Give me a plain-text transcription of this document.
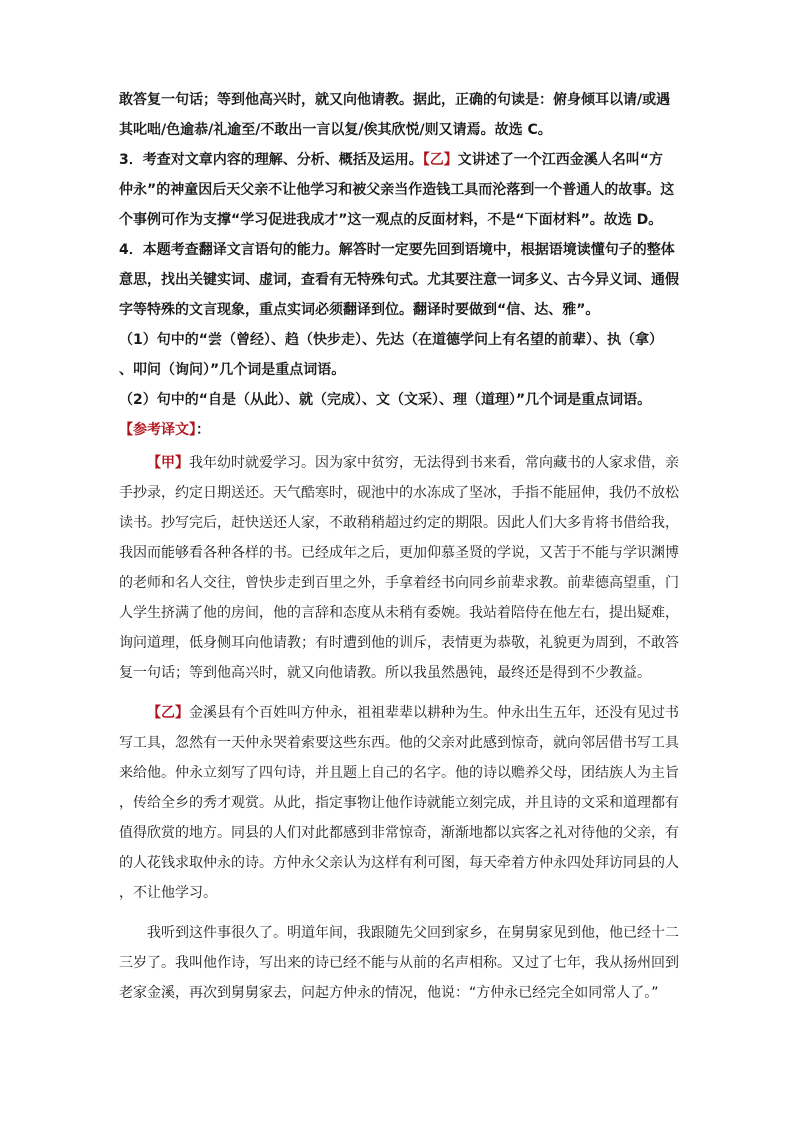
敢答复一句话；等到他高兴时，就又向他请教。据此，正确的句读是：俯身倾耳以请/或遇
其叱咄/色逾恭/礼逾至/不敢出一言以复/俟其欣悦/则又请焉。故选 C。
3．考查对文章内容的理解、分析、概括及运用。【乙】文讲述了一个江西金溪人名叫“方
仲永”的神童因后天父亲不让他学习和被父亲当作造钱工具而沦落到一个普通人的故事。这
个事例可作为支撑“学习促进我成才”这一观点的反面材料，不是“下面材料”。故选 D。
4．本题考查翻译文言语句的能力。解答时一定要先回到语境中，根据语境读懂句子的整体
意思，找出关键实词、虚词，查看有无特殊句式。尤其要注意一词多义、古今异义词、通假
字等特殊的文言现象，重点实词必须翻译到位。翻译时要做到“信、达、雅”。
（1）句中的“尝（曾经）、趋（快步走）、先达（在道德学问上有名望的前辈）、执（拿）
、叩问（询问）”几个词是重点词语。
（2）句中的“自是（从此）、就（完成）、文（文采）、理（道理）”几个词是重点词语。
【参考译文】：
【甲】我年幼时就爱学习。因为家中贫穷，无法得到书来看，常向藏书的人家求借，亲
手抄录，约定日期送还。天气酷寒时，砚池中的水冻成了坚冰，手指不能屈伸，我仍不放松
读书。抄写完后，赶快送还人家，不敢稍稍超过约定的期限。因此人们大多肯将书借给我，
我因而能够看各种各样的书。已经成年之后，更加仰慕圣贤的学说，又苦于不能与学识渊博
的老师和名人交往，曾快步走到百里之外，手拿着经书向同乡前辈求教。前辈德高望重，门
人学生挤满了他的房间，他的言辞和态度从未稍有委婉。我站着陪侍在他左右，提出疑难，
询问道理，低身侧耳向他请教；有时遭到他的训斥，表情更为恭敬，礼貌更为周到，不敢答
复一句话；等到他高兴时，就又向他请教。所以我虽然愚钝，最终还是得到不少教益。
【乙】金溪县有个百姓叫方仲永，祖祖辈辈以耕种为生。仲永出生五年，还没有见过书
写工具，忽然有一天仲永哭着索要这些东西。他的父亲对此感到惊奇，就向邻居借书写工具
来给他。仲永立刻写了四句诗，并且题上自己的名字。他的诗以赡养父母，团结族人为主旨
，传给全乡的秀才观赏。从此，指定事物让他作诗就能立刻完成，并且诗的文采和道理都有
值得欣赏的地方。同县的人们对此都感到非常惊奇，渐渐地都以宾客之礼对待他的父亲，有
的人花钱求取仲永的诗。方仲永父亲认为这样有利可图，每天牵着方仲永四处拜访同县的人
，不让他学习。
我听到这件事很久了。明道年间，我跟随先父回到家乡，在舅舅家见到他，他已经十二
三岁了。我叫他作诗，写出来的诗已经不能与从前的名声相称。又过了七年，我从扬州回到
老家金溪，再次到舅舅家去，问起方仲永的情况，他说：“方仲永已经完全如同常人了。”
